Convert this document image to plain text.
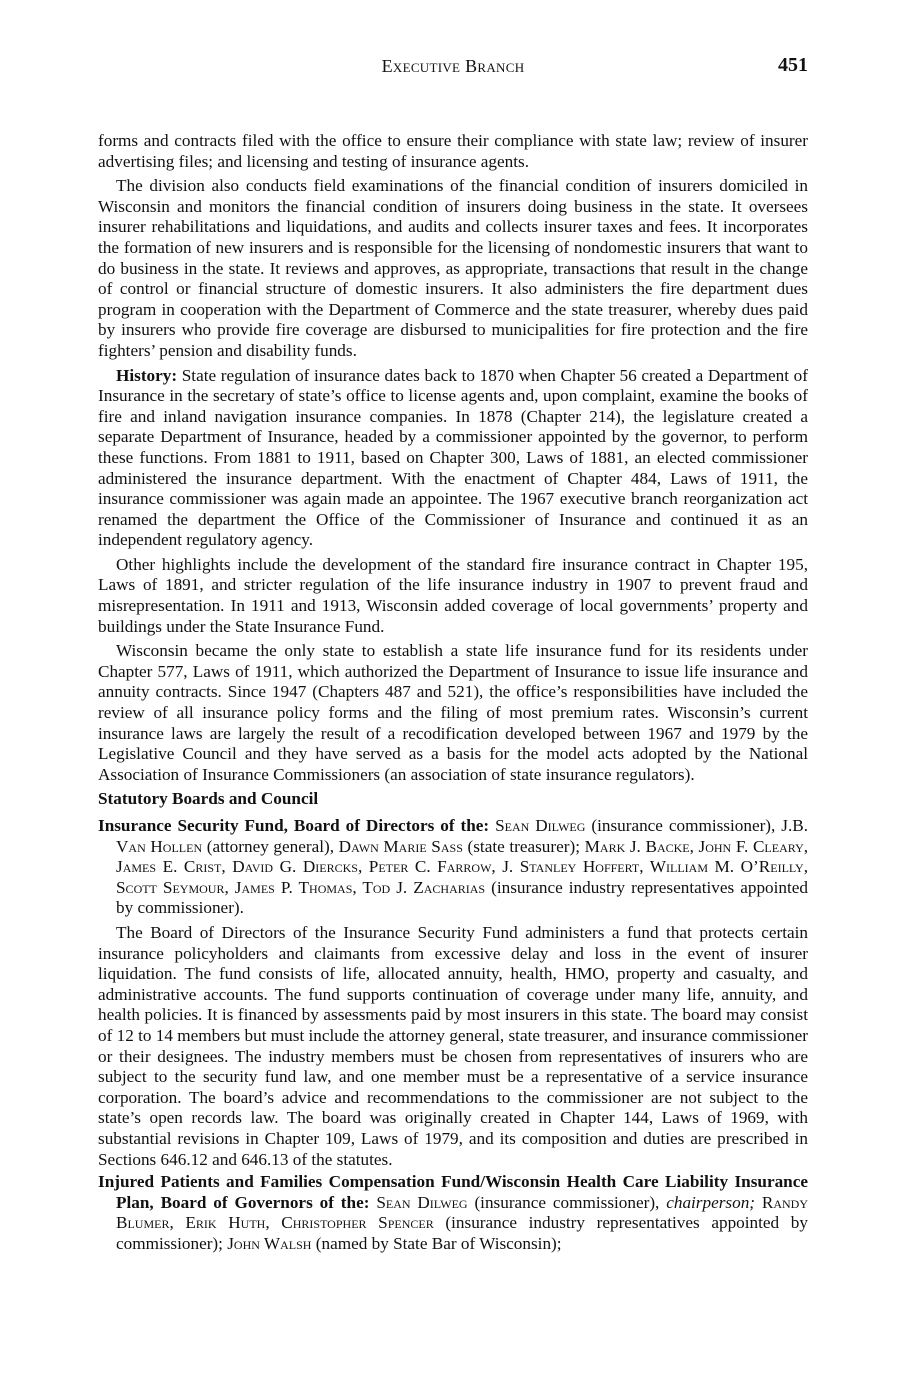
Executive Branch	451

forms and contracts filed with the office to ensure their compliance with state law; review of insurer advertising files; and licensing and testing of insurance agents.

The division also conducts field examinations of the financial condition of insurers domiciled in Wisconsin and monitors the financial condition of insurers doing business in the state. It oversees insurer rehabilitations and liquidations, and audits and collects insurer taxes and fees. It incorporates the formation of new insurers and is responsible for the licensing of nondomestic insurers that want to do business in the state. It reviews and approves, as appropriate, transactions that result in the change of control or financial structure of domestic insurers. It also administers the fire department dues program in cooperation with the Department of Commerce and the state treasurer, whereby dues paid by insurers who provide fire coverage are disbursed to municipalities for fire protection and the fire fighters’ pension and disability funds.

History: State regulation of insurance dates back to 1870 when Chapter 56 created a Department of Insurance in the secretary of state’s office to license agents and, upon complaint, examine the books of fire and inland navigation insurance companies. In 1878 (Chapter 214), the legislature created a separate Department of Insurance, headed by a commissioner appointed by the governor, to perform these functions. From 1881 to 1911, based on Chapter 300, Laws of 1881, an elected commissioner administered the insurance department. With the enactment of Chapter 484, Laws of 1911, the insurance commissioner was again made an appointee. The 1967 executive branch reorganization act renamed the department the Office of the Commissioner of Insurance and continued it as an independent regulatory agency.

Other highlights include the development of the standard fire insurance contract in Chapter 195, Laws of 1891, and stricter regulation of the life insurance industry in 1907 to prevent fraud and misrepresentation. In 1911 and 1913, Wisconsin added coverage of local governments’ property and buildings under the State Insurance Fund.

Wisconsin became the only state to establish a state life insurance fund for its residents under Chapter 577, Laws of 1911, which authorized the Department of Insurance to issue life insurance and annuity contracts. Since 1947 (Chapters 487 and 521), the office’s responsibilities have included the review of all insurance policy forms and the filing of most premium rates. Wisconsin’s current insurance laws are largely the result of a recodification developed between 1967 and 1979 by the Legislative Council and they have served as a basis for the model acts adopted by the National Association of Insurance Commissioners (an association of state insurance regulators).

Statutory Boards and Council

Insurance Security Fund, Board of Directors of the: Sean Dilweg (insurance commissioner), J.B. Van Hollen (attorney general), Dawn Marie Sass (state treasurer); Mark J. Backe, John F. Cleary, James E. Crist, David G. Diercks, Peter C. Farrow, J. Stanley Hoffert, William M. O’Reilly, Scott Seymour, James P. Thomas, Tod J. Zacharias (insurance industry representatives appointed by commissioner).

The Board of Directors of the Insurance Security Fund administers a fund that protects certain insurance policyholders and claimants from excessive delay and loss in the event of insurer liquidation. The fund consists of life, allocated annuity, health, HMO, property and casualty, and administrative accounts. The fund supports continuation of coverage under many life, annuity, and health policies. It is financed by assessments paid by most insurers in this state. The board may consist of 12 to 14 members but must include the attorney general, state treasurer, and insurance commissioner or their designees. The industry members must be chosen from representatives of insurers who are subject to the security fund law, and one member must be a representative of a service insurance corporation. The board’s advice and recommendations to the commissioner are not subject to the state’s open records law. The board was originally created in Chapter 144, Laws of 1969, with substantial revisions in Chapter 109, Laws of 1979, and its composition and duties are prescribed in Sections 646.12 and 646.13 of the statutes.

Injured Patients and Families Compensation Fund/Wisconsin Health Care Liability Insurance Plan, Board of Governors of the: Sean Dilweg (insurance commissioner), chairperson; Randy Blumer, Erik Huth, Christopher Spencer (insurance industry representatives appointed by commissioner); John Walsh (named by State Bar of Wisconsin);
